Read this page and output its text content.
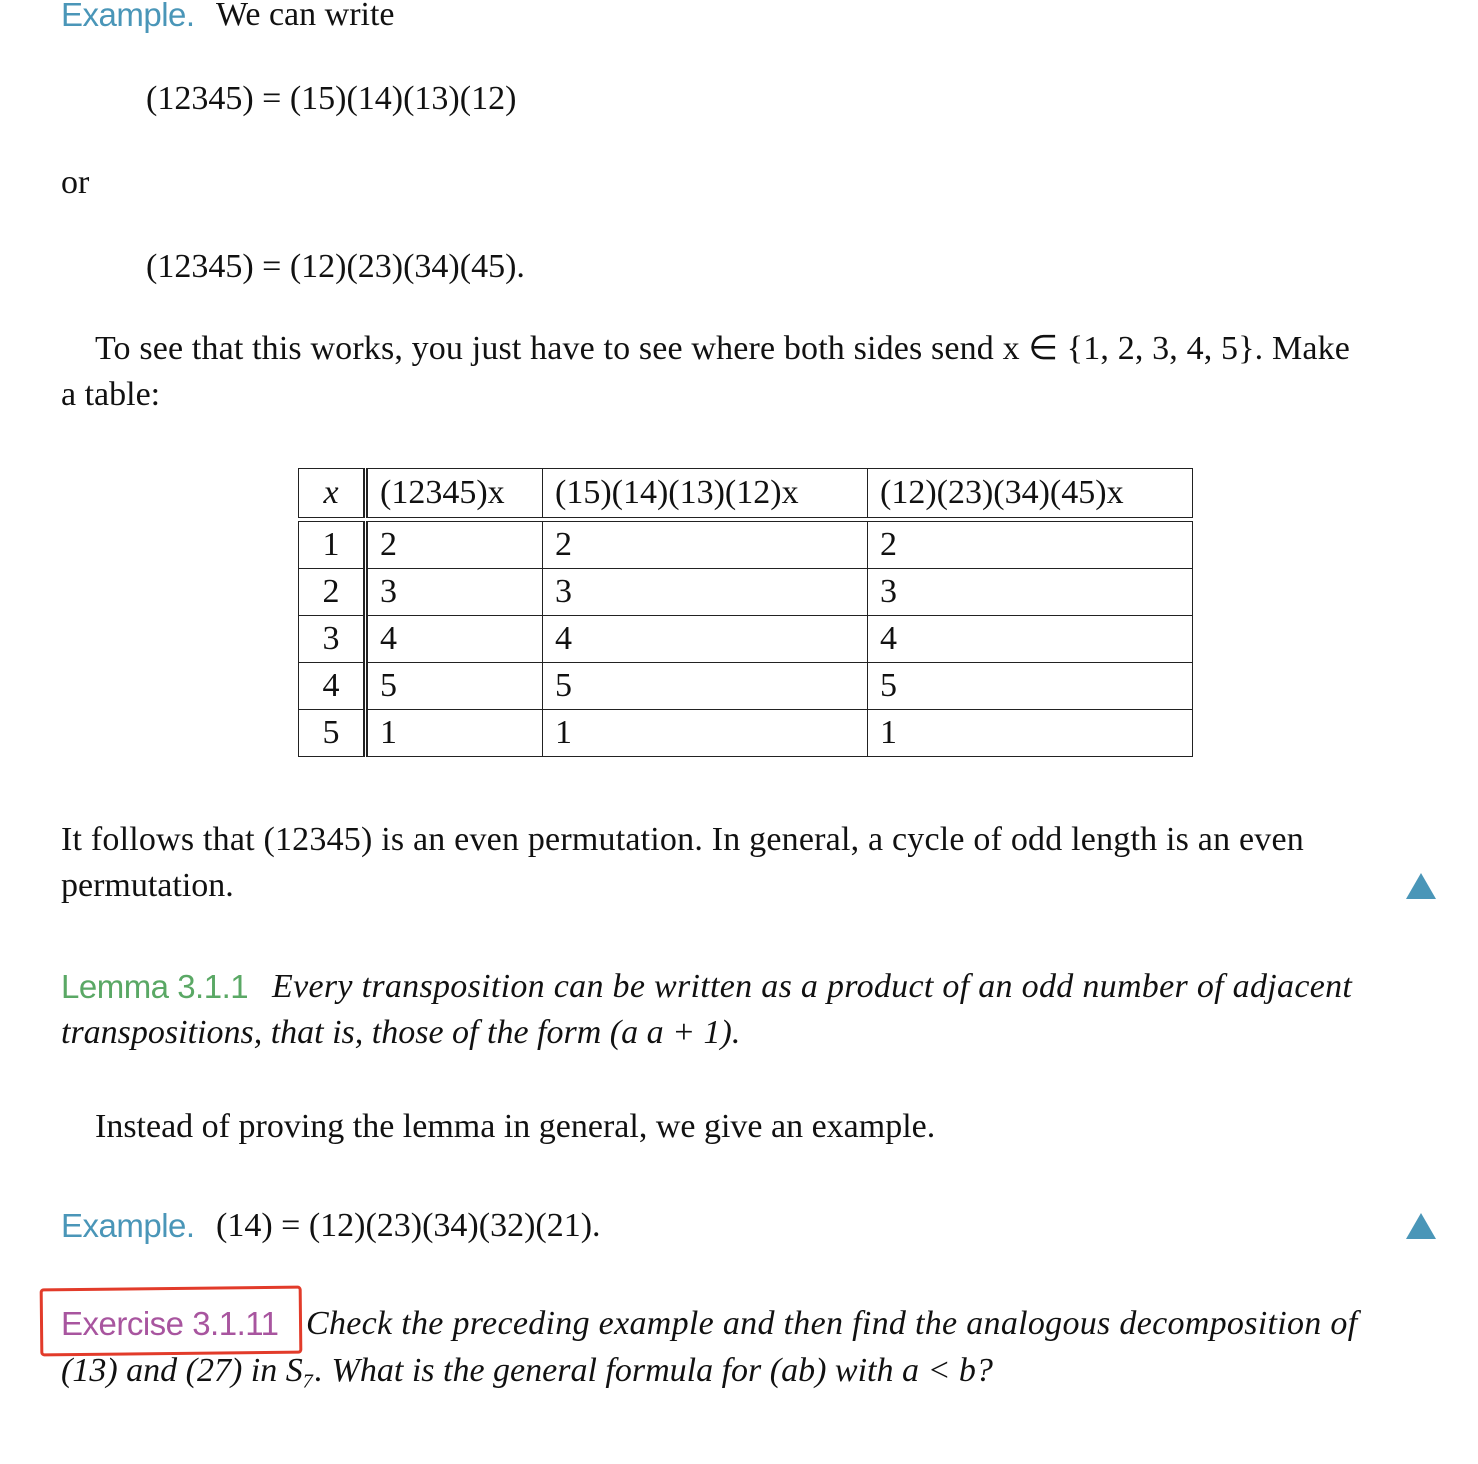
Example. We can write
(12345) = (15)(14)(13)(12)
or
(12345) = (12)(23)(34)(45).
To see that this works, you just have to see where both sides send x ∈ {1, 2, 3, 4, 5}. Make
a table:
x	(12345)x	(15)(14)(13)(12)x	(12)(23)(34)(45)x

1	2	2	2
2	3	3	3
3	4	4	4
4	5	5	5
5	1	1	1
It follows that (12345) is an even permutation. In general, a cycle of odd length is an even
permutation.
Lemma 3.1.1 Every transposition can be written as a product of an odd number of adjacent
transpositions, that is, those of the form (a a + 1).
Instead of proving the lemma in general, we give an example.
Example. (14) = (12)(23)(34)(32)(21).
Exercise 3.1.11 Check the preceding example and then find the analogous decomposition of
(13) and (27) in S₇. What is the general formula for (ab) with a < b?
